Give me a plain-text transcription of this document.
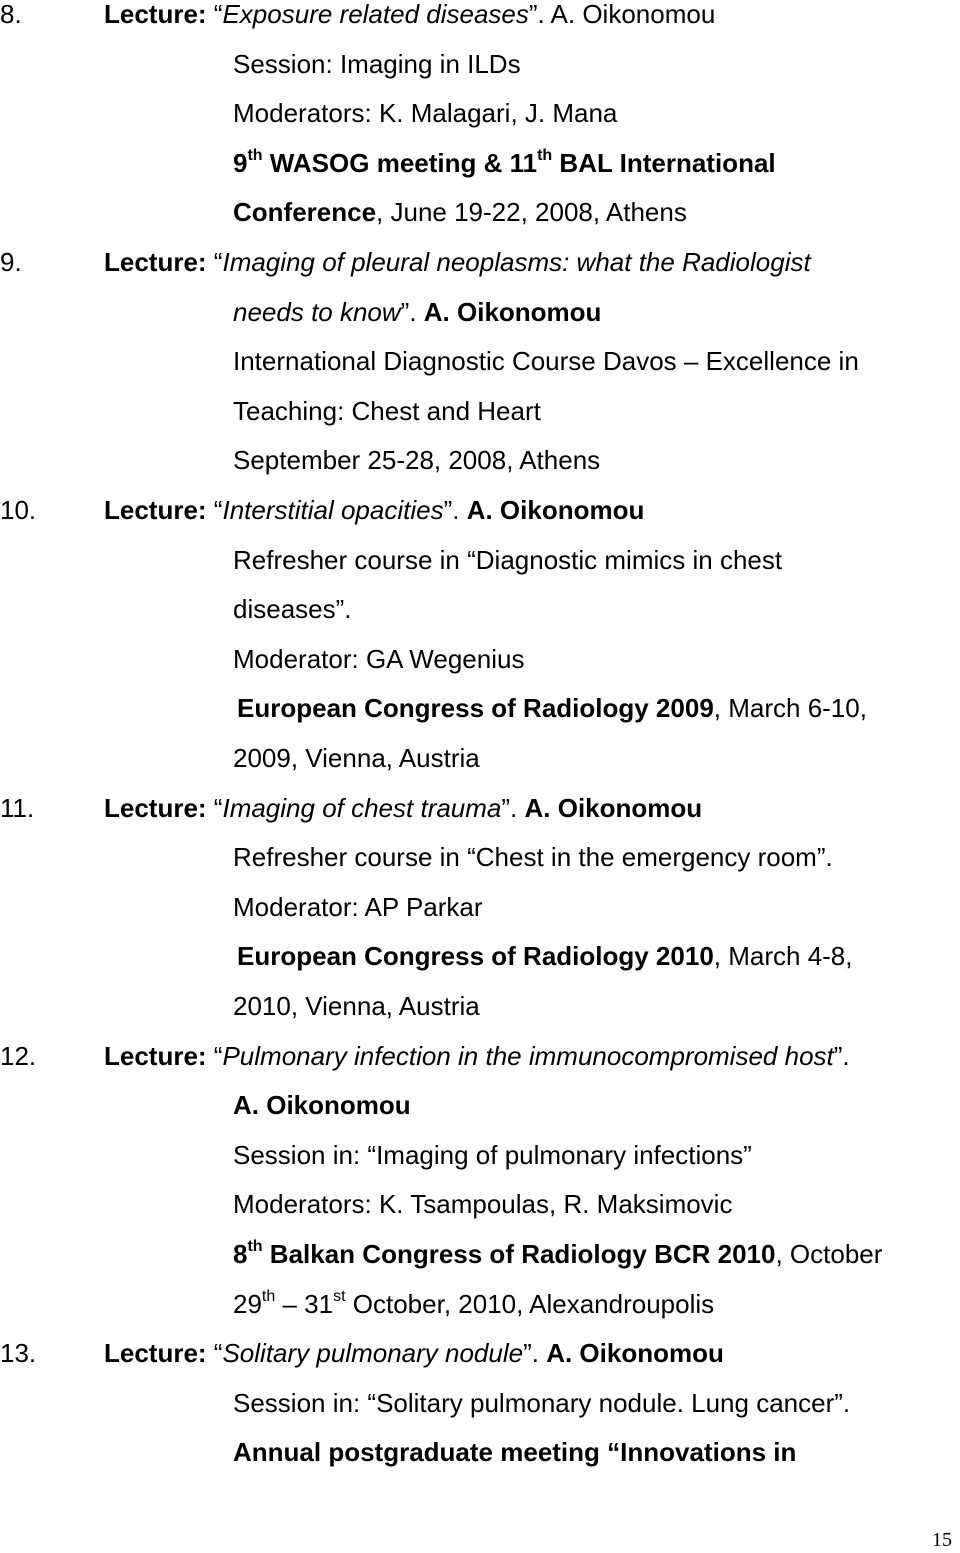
8.	Lecture: “Exposure related diseases”. A. Oikonomou
Session: Imaging in ILDs
Moderators: K. Malagari, J. Mana
9th WASOG meeting & 11th BAL International
Conference, June 19-22, 2008, Athens
9.	Lecture: “Imaging of pleural neoplasms: what the Radiologist
needs to know”. A. Oikonomou
International Diagnostic Course Davos – Excellence in
Teaching: Chest and Heart
September 25-28, 2008, Athens
10.	Lecture: “Interstitial opacities”. A. Oikonomou
Refresher course in “Diagnostic mimics in chest
diseases”.
Moderator: GA Wegenius
European Congress of Radiology 2009, March 6-10,
2009, Vienna, Austria
11.	Lecture: “Imaging of chest trauma”. A. Oikonomou
Refresher course in “Chest in the emergency room”.
Moderator: AP Parkar
European Congress of Radiology 2010, March 4-8,
2010, Vienna, Austria
12.	Lecture: “Pulmonary infection in the immunocompromised host”.
A. Oikonomou
Session in: “Imaging of pulmonary infections”
Moderators: K. Tsampoulas, R. Maksimovic
8th Balkan Congress of Radiology BCR 2010, October
29th – 31st October, 2010, Alexandroupolis
13.	Lecture: “Solitary pulmonary nodule”. A. Oikonomou
Session in: “Solitary pulmonary nodule. Lung cancer”.
Annual postgraduate meeting “Innovations in
15
